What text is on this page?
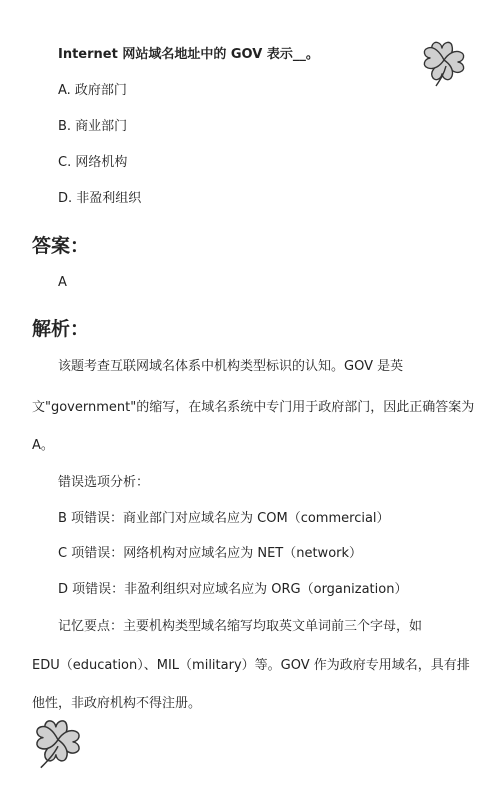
Internet 网站域名地址中的 GOV 表示__。
A. 政府部门
B. 商业部门
C. 网络机构
D. 非盈利组织
答案：
A
解析：
该题考查互联网域名体系中机构类型标识的认知。GOV 是英
文"government"的缩写，在域名系统中专门用于政府部门，因此正确答案为
A。
错误选项分析：
B 项错误：商业部门对应域名应为 COM（commercial）
C 项错误：网络机构对应域名应为 NET（network）
D 项错误：非盈利组织对应域名应为 ORG（organization）
记忆要点：主要机构类型域名缩写均取英文单词前三个字母，如
EDU（education）、MIL（military）等。GOV 作为政府专用域名，具有排
他性，非政府机构不得注册。
